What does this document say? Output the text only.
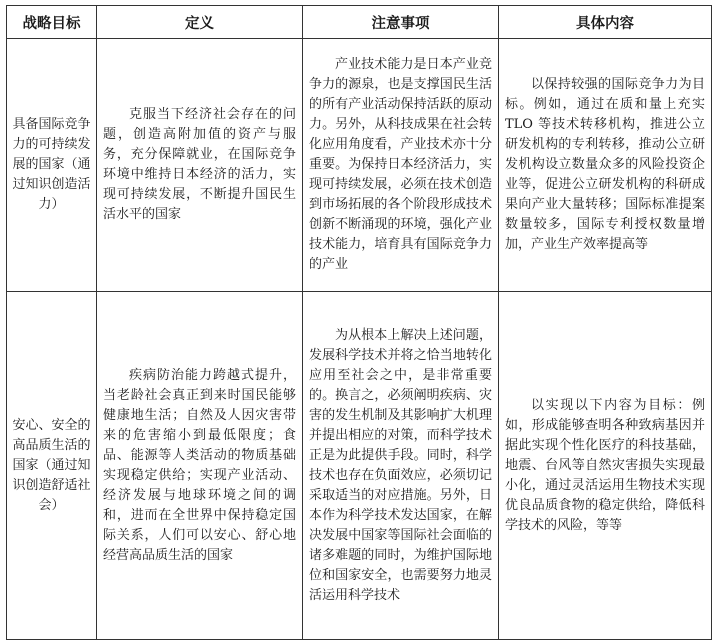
战略目标	定义	注意事项	具体内容
具备国际竞争力的可持续发展的国家（通过知识创造活力）	克服当下经济社会存在的问题，创造高附加值的资产与服务，充分保障就业，在国际竞争环境中维持日本经济的活力，实现可持续发展，不断提升国民生活水平的国家	产业技术能力是日本产业竞争力的源泉，也是支撑国民生活的所有产业活动保持活跃的原动力。另外，从科技成果在社会转化应用角度看，产业技术亦十分重要。为保持日本经济活力，实现可持续发展，必须在技术创造到市场拓展的各个阶段形成技术创新不断涌现的环境，强化产业技术能力，培育具有国际竞争力的产业	以保持较强的国际竞争力为目标。例如，通过在质和量上充实 TLO 等技术转移机构，推进公立研发机构的专利转移，推动公立研发机构设立数量众多的风险投资企业等，促进公立研发机构的科研成果向产业大量转移；国际标准提案数量较多，国际专利授权数量增加，产业生产效率提高等

安心、安全的高品质生活的国家（通过知识创造舒适社会）	疾病防治能力跨越式提升，当老龄社会真正到来时国民能够健康地生活；自然及人因灾害带来的危害缩小到最低限度；食品、能源等人类活动的物质基础实现稳定供给；实现产业活动、经济发展与地球环境之间的调和，进而在全世界中保持稳定国际关系，人们可以安心、舒心地经营高品质生活的国家	为从根本上解决上述问题，发展科学技术并将之恰当地转化应用至社会之中，是非常重要的。换言之，必须阐明疾病、灾害的发生机制及其影响扩大机理并提出相应的对策，而科学技术正是为此提供手段。同时，科学技术也存在负面效应，必须切记采取适当的对应措施。另外，日本作为科学技术发达国家，在解决发展中国家等国际社会面临的诸多难题的同时，为维护国际地位和国家安全，也需要努力地灵活运用科学技术	以实现以下内容为目标：例如，形成能够查明各种致病基因并据此实现个性化医疗的科技基础，地震、台风等自然灾害损失实现最小化，通过灵活运用生物技术实现优良品质食物的稳定供给，降低科学技术的风险，等等
